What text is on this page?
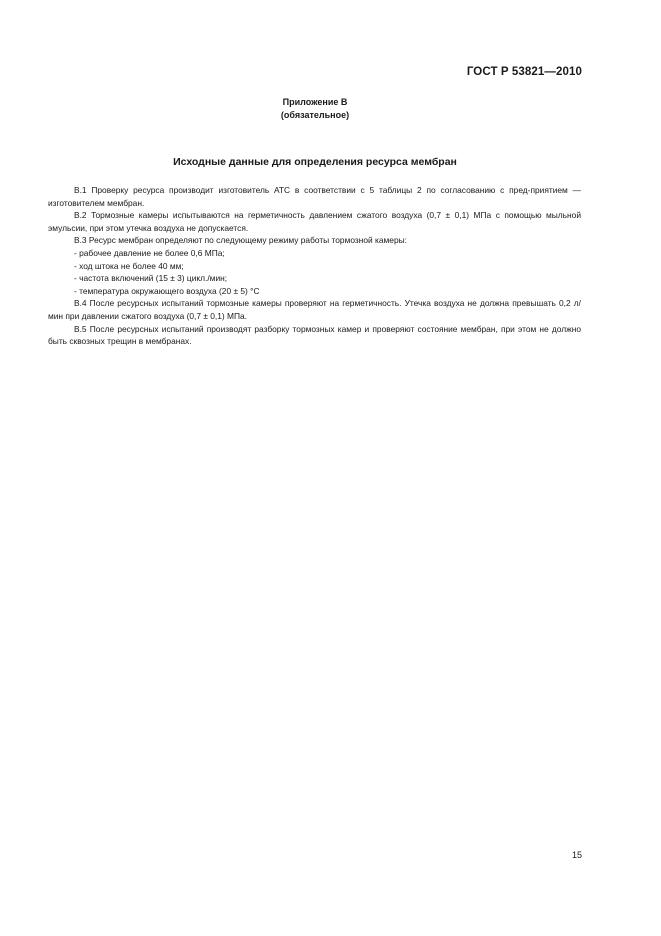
ГОСТ Р 53821—2010
Приложение В
(обязательное)
Исходные данные для определения ресурса мембран

В.1 Проверку ресурса производит изготовитель АТС в соответствии с 5 таблицы 2 по согласованию с пред-приятием — изготовителем мембран.

В.2 Тормозные камеры испытываются на герметичность давлением сжатого воздуха (0,7 ± 0,1) МПа с помощью мыльной эмульсии, при этом утечка воздуха не допускается.

В.3 Ресурс мембран определяют по следующему режиму работы тормозной камеры:

- рабочее давление не более 0,6 МПа;
- ход штока не более 40 мм;
- частота включений (15 ± 3) цикл./мин;
- температура окружающего воздуха (20 ± 5) °С

В.4 После ресурсных испытаний тормозные камеры проверяют на герметичность. Утечка воздуха не должна превышать 0,2 л/мин при давлении сжатого воздуха (0,7 ± 0,1) МПа.

В.5 После ресурсных испытаний производят разборку тормозных камер и проверяют состояние мембран, при этом не должно быть сквозных трещин в мембранах.

15
